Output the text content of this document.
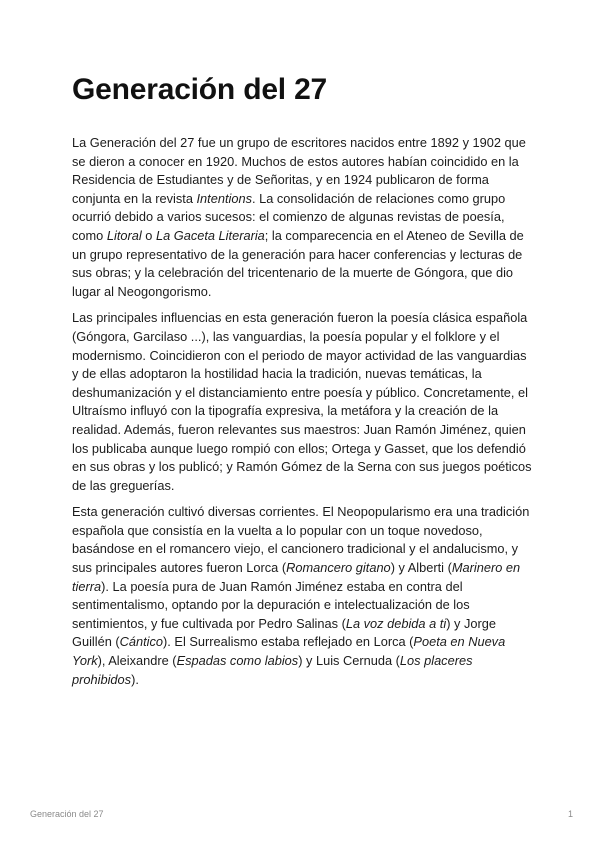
Generación del 27

La Generación del 27 fue un grupo de escritores nacidos entre 1892 y 1902 que se dieron a conocer en 1920. Muchos de estos autores habían coincidido en la Residencia de Estudiantes y de Señoritas, y en 1924 publicaron de forma conjunta en la revista Intentions. La consolidación de relaciones como grupo ocurrió debido a varios sucesos: el comienzo de algunas revistas de poesía, como Litoral o La Gaceta Literaria; la comparecencia en el Ateneo de Sevilla de un grupo representativo de la generación para hacer conferencias y lecturas de sus obras; y la celebración del tricentenario de la muerte de Góngora, que dio lugar al Neogongorismo.

Las principales influencias en esta generación fueron la poesía clásica española (Góngora, Garcilaso ...), las vanguardias, la poesía popular y el folklore y el modernismo. Coincidieron con el periodo de mayor actividad de las vanguardias y de ellas adoptaron la hostilidad hacia la tradición, nuevas temáticas, la deshumanización y el distanciamiento entre poesía y público. Concretamente, el Ultraísmo influyó con la tipografía expresiva, la metáfora y la creación de la realidad. Además, fueron relevantes sus maestros: Juan Ramón Jiménez, quien los publicaba aunque luego rompió con ellos; Ortega y Gasset, que los defendió en sus obras y los publicó; y Ramón Gómez de la Serna con sus juegos poéticos de las greguerías.

Esta generación cultivó diversas corrientes. El Neopopularismo era una tradición española que consistía en la vuelta a lo popular con un toque novedoso, basándose en el romancero viejo, el cancionero tradicional y el andalucismo, y sus principales autores fueron Lorca (Romancero gitano) y Alberti (Marinero en tierra). La poesía pura de Juan Ramón Jiménez estaba en contra del sentimentalismo, optando por la depuración e intelectualización de los sentimientos, y fue cultivada por Pedro Salinas (La voz debida a ti) y Jorge Guillén (Cántico). El Surrealismo estaba reflejado en Lorca (Poeta en Nueva York), Aleixandre (Espadas como labios) y Luis Cernuda (Los placeres prohibidos).

Generación del 27	1
